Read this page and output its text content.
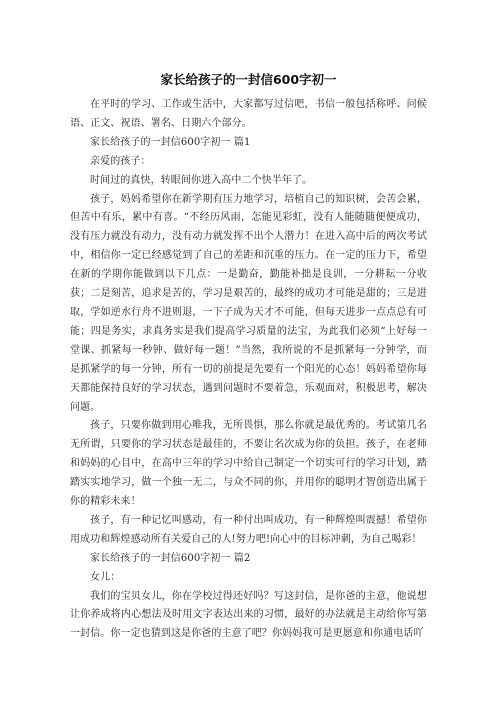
家长给孩子的一封信600字初一

在平时的学习、工作或生活中，大家都写过信吧，书信一般包括称呼、问候语、正文、祝语、署名、日期六个部分。

家长给孩子的一封信600字初一 篇1

亲爱的孩子：

时间过的真快，转眼间你进入高中二个快半年了。

孩子，妈妈希望你在新学期有压力地学习，培植自己的知识树，会苦会累，但苦中有乐，累中有喜。“不经历风雨，怎能见彩虹，没有人能随随便便成功，没有压力就没有动力，没有动力就发挥不出个人潜力！在进入高中后的两次考试中，相信你一定已经感觉到了自己的差距和沉重的压力。在一定的压力下，希望在新的学期你能做到以下几点：一是勤奋，勤能补拙是良训，一分耕耘一分收获；二是刻苦，追求是苦的，学习是艰苦的，最终的成功才可能是甜的；三是进取，学如逆水行舟不进则退，一下子成为天才不可能，但每天进步一点点总有可能；四是务实，求真务实是我们提高学习质量的法宝，为此我们必须“上好每一堂课、抓紧每一秒钟、做好每一题！”当然，我所说的不是抓紧每一分钟学，而是抓紧学的每一分钟，所有一切的前提是先要有一个阳光的心态！妈妈希望你每天都能保持良好的学习状态，遇到问题时不要着急，乐观面对，积极思考，解决问题。

孩子，只要你做到用心唯我，无所畏惧，那么你就是最优秀的。考试第几名无所谓，只要你的学习状态是最佳的，不要让名次成为你的负担。孩子，在老师和妈妈的心目中，在高中三年的学习中给自己制定一个切实可行的学习计划，踏踏实实地学习，做一个独一无二，与众不同的你，并用你的聪明才智创造出属于你的精彩未来！

孩子，有一种记忆叫感动，有一种付出叫成功，有一种辉煌叫震撼！希望你用成功和辉煌感动所有关爱自己的人!努力吧!向心中的目标冲刺，为自己喝彩！

家长给孩子的一封信600字初一 篇2

女儿：

我们的宝贝女儿，你在学校过得还好吗？写这封信，是你爸的主意，他说想让你养成将内心想法及时用文字表达出来的习惯，最好的办法就是主动给你写第一封信。你一定也猜到这是你爸的主意了吧？你妈妈我可是更愿意和你通电话吖
